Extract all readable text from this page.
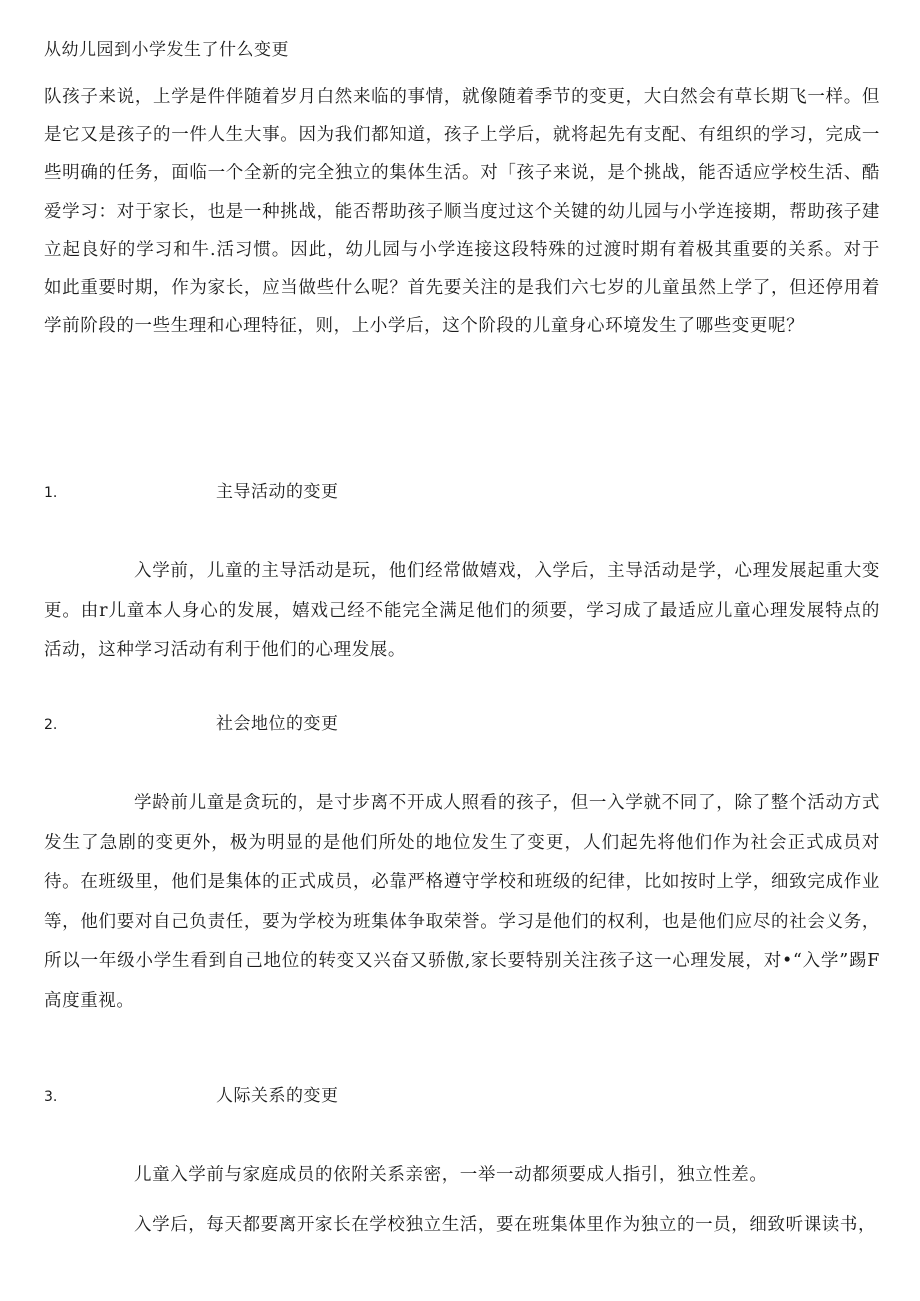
从幼儿园到小学发生了什么变更

队孩子来说，上学是件伴随着岁月白然来临的事情，就像随着季节的变更，大白然会有草长期飞一样。但是它又是孩子的一件人生大事。因为我们都知道，孩子上学后，就将起先有支配、有组织的学习，完成一些明确的任务，面临一个全新的完全独立的集体生活。对「孩子来说，是个挑战，能否适应学校生活、酷爱学习：对于家长，也是一种挑战，能否帮助孩子顺当度过这个关键的幼儿园与小学连接期，帮助孩子建立起良好的学习和牛.活习惯。因此，幼儿园与小学连接这段特殊的过渡时期有着极其重要的关系。对于如此重要时期，作为家长，应当做些什么呢？首先要关注的是我们六七岁的儿童虽然上学了，但还停用着学前阶段的一些生理和心理特征，则，上小学后，这个阶段的儿童身心环境发生了哪些变更呢？

1.	主导活动的变更

入学前，儿童的主导活动是玩，他们经常做嬉戏，入学后，主导活动是学，心理发展起重大变更。由r儿童本人身心的发展，嬉戏己经不能完全满足他们的须要，学习成了最适应儿童心理发展特点的活动，这种学习活动有利于他们的心理发展。

2.	社会地位的变更

学龄前儿童是贪玩的，是寸步离不开成人照看的孩子，但一入学就不同了，除了整个活动方式发生了急剧的变更外，极为明显的是他们所处的地位发生了变更，人们起先将他们作为社会正式成员对待。在班级里，他们是集体的正式成员，必靠严格遵守学校和班级的纪律，比如按时上学，细致完成作业等，他们要对自己负责任，要为学校为班集体争取荣誉。学习是他们的权利，也是他们应尽的社会义务，所以一年级小学生看到自己地位的转变又兴奋又骄傲,家长要特别关注孩子这一心理发展，对•“入学”踢F高度重视。

3.	人际关系的变更

儿童入学前与家庭成员的依附关系亲密，一举一动都须要成人指引，独立性差。

入学后，每天都要离开家长在学校独立生活，要在班集体里作为独立的一员，细致听课读书，
